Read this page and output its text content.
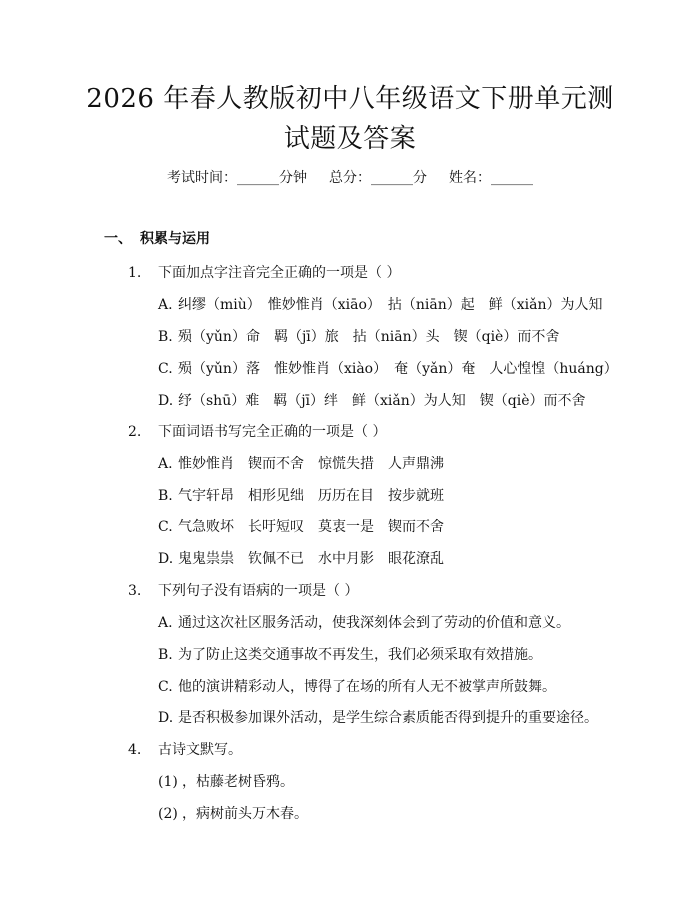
2026 年春人教版初中八年级语文下册单元测
试题及答案
考试时间：______分钟 总分：______分 姓名：______
一、 积累与运用
1. 下面加点字注音完全正确的一项是（ ）
A. 纠缪（miù）　惟妙惟肖（xiāo）　拈（niān）起　鲜（xiǎn）为人知
B. 殒（yǔn）命　羁（jī）旅　拈（niān）头　锲（qiè）而不舍
C. 殒（yǔn）落　惟妙惟肖（xiào）　奄（yǎn）奄　人心惶惶（huáng）
D. 纾（shū）难　羁（jī）绊　鲜（xiǎn）为人知　锲（qiè）而不舍
2. 下面词语书写完全正确的一项是（ ）
A. 惟妙惟肖　锲而不舍　惊慌失措　人声鼎沸
B. 气宇轩昂　相形见绌　历历在目　按步就班
C. 气急败坏　长吁短叹　莫衷一是　锲而不舍
D. 鬼鬼祟祟　钦佩不已　水中月影　眼花潦乱
3. 下列句子没有语病的一项是（ ）
A. 通过这次社区服务活动，使我深刻体会到了劳动的价值和意义。
B. 为了防止这类交通事故不再发生，我们必须采取有效措施。
C. 他的演讲精彩动人，博得了在场的所有人无不被掌声所鼓舞。
D. 是否积极参加课外活动，是学生综合素质能否得到提升的重要途径。
4. 古诗文默写。
(1) ，枯藤老树昏鸦。
(2) ，病树前头万木春。
